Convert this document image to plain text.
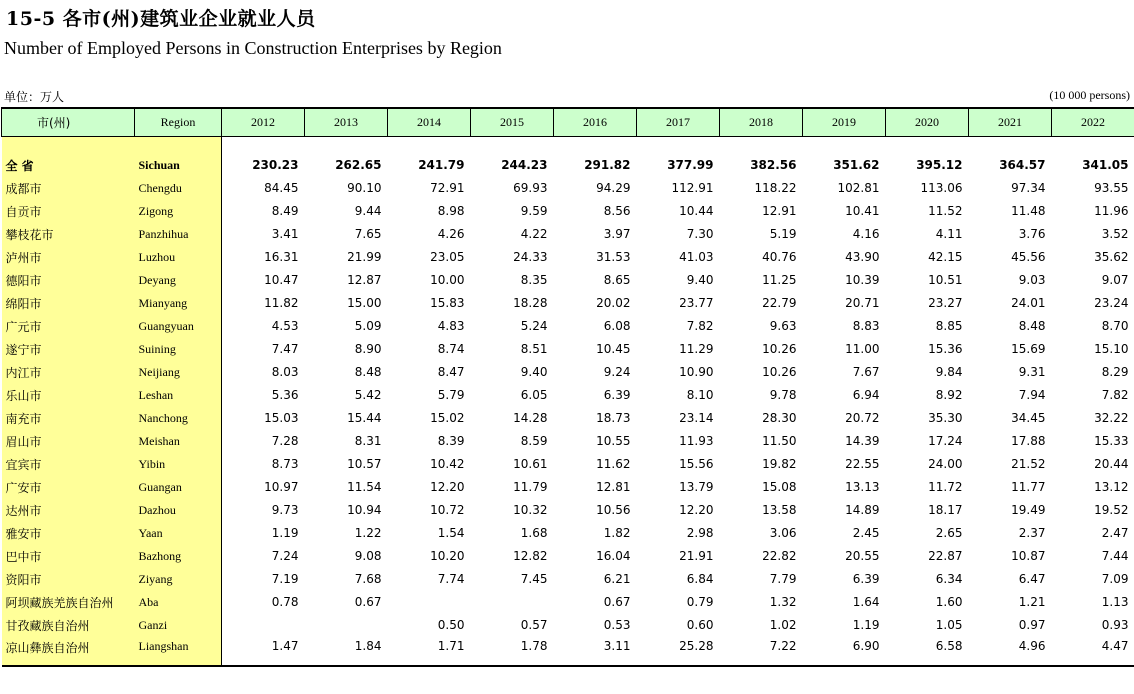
15-5 各市(州)建筑业企业就业人员
Number of Employed Persons in Construction Enterprises by Region
单位：万人	(10 000 persons)
市(州)	Region	2012	2013	2014	2015	2016	2017	2018	2019	2020	2021	2022

全 省	Sichuan	230.23	262.65	241.79	244.23	291.82	377.99	382.56	351.62	395.12	364.57	341.05
成都市	Chengdu	84.45	90.10	72.91	69.93	94.29	112.91	118.22	102.81	113.06	97.34	93.55
自贡市	Zigong	8.49	9.44	8.98	9.59	8.56	10.44	12.91	10.41	11.52	11.48	11.96
攀枝花市	Panzhihua	3.41	7.65	4.26	4.22	3.97	7.30	5.19	4.16	4.11	3.76	3.52
泸州市	Luzhou	16.31	21.99	23.05	24.33	31.53	41.03	40.76	43.90	42.15	45.56	35.62
德阳市	Deyang	10.47	12.87	10.00	8.35	8.65	9.40	11.25	10.39	10.51	9.03	9.07
绵阳市	Mianyang	11.82	15.00	15.83	18.28	20.02	23.77	22.79	20.71	23.27	24.01	23.24
广元市	Guangyuan	4.53	5.09	4.83	5.24	6.08	7.82	9.63	8.83	8.85	8.48	8.70
遂宁市	Suining	7.47	8.90	8.74	8.51	10.45	11.29	10.26	11.00	15.36	15.69	15.10
内江市	Neijiang	8.03	8.48	8.47	9.40	9.24	10.90	10.26	7.67	9.84	9.31	8.29
乐山市	Leshan	5.36	5.42	5.79	6.05	6.39	8.10	9.78	6.94	8.92	7.94	7.82
南充市	Nanchong	15.03	15.44	15.02	14.28	18.73	23.14	28.30	20.72	35.30	34.45	32.22
眉山市	Meishan	7.28	8.31	8.39	8.59	10.55	11.93	11.50	14.39	17.24	17.88	15.33
宜宾市	Yibin	8.73	10.57	10.42	10.61	11.62	15.56	19.82	22.55	24.00	21.52	20.44
广安市	Guangan	10.97	11.54	12.20	11.79	12.81	13.79	15.08	13.13	11.72	11.77	13.12
达州市	Dazhou	9.73	10.94	10.72	10.32	10.56	12.20	13.58	14.89	18.17	19.49	19.52
雅安市	Yaan	1.19	1.22	1.54	1.68	1.82	2.98	3.06	2.45	2.65	2.37	2.47
巴中市	Bazhong	7.24	9.08	10.20	12.82	16.04	21.91	22.82	20.55	22.87	10.87	7.44
资阳市	Ziyang	7.19	7.68	7.74	7.45	6.21	6.84	7.79	6.39	6.34	6.47	7.09
阿坝藏族羌族自治州	Aba	0.78	0.67			0.67	0.79	1.32	1.64	1.60	1.21	1.13
甘孜藏族自治州	Ganzi			0.50	0.57	0.53	0.60	1.02	1.19	1.05	0.97	0.93
凉山彝族自治州	Liangshan	1.47	1.84	1.71	1.78	3.11	25.28	7.22	6.90	6.58	4.96	4.47
